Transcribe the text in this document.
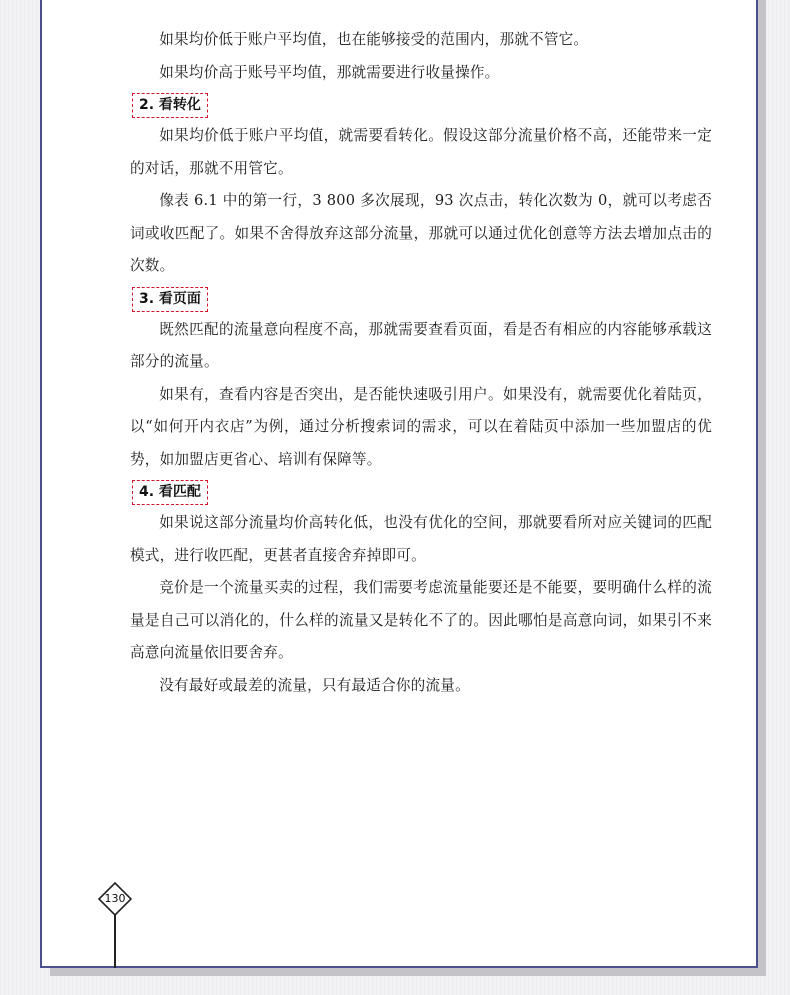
如果均价低于账户平均值，也在能够接受的范围内，那就不管它。

如果均价高于账号平均值，那就需要进行收量操作。

2. 看转化

如果均价低于账户平均值，就需要看转化。假设这部分流量价格不高，还能带来一定的对话，那就不用管它。

像表 6.1 中的第一行，3 800 多次展现，93 次点击，转化次数为 0，就可以考虑否词或收匹配了。如果不舍得放弃这部分流量，那就可以通过优化创意等方法去增加点击的次数。

3. 看页面

既然匹配的流量意向程度不高，那就需要查看页面，看是否有相应的内容能够承载这部分的流量。

如果有，查看内容是否突出，是否能快速吸引用户。如果没有，就需要优化着陆页，以“如何开内衣店”为例，通过分析搜索词的需求，可以在着陆页中添加一些加盟店的优势，如加盟店更省心、培训有保障等。

4. 看匹配

如果说这部分流量均价高转化低，也没有优化的空间，那就要看所对应关键词的匹配模式，进行收匹配，更甚者直接舍弃掉即可。

竞价是一个流量买卖的过程，我们需要考虑流量能要还是不能要，要明确什么样的流量是自己可以消化的，什么样的流量又是转化不了的。因此哪怕是高意向词，如果引不来高意向流量依旧要舍弃。

没有最好或最差的流量，只有最适合你的流量。

130
